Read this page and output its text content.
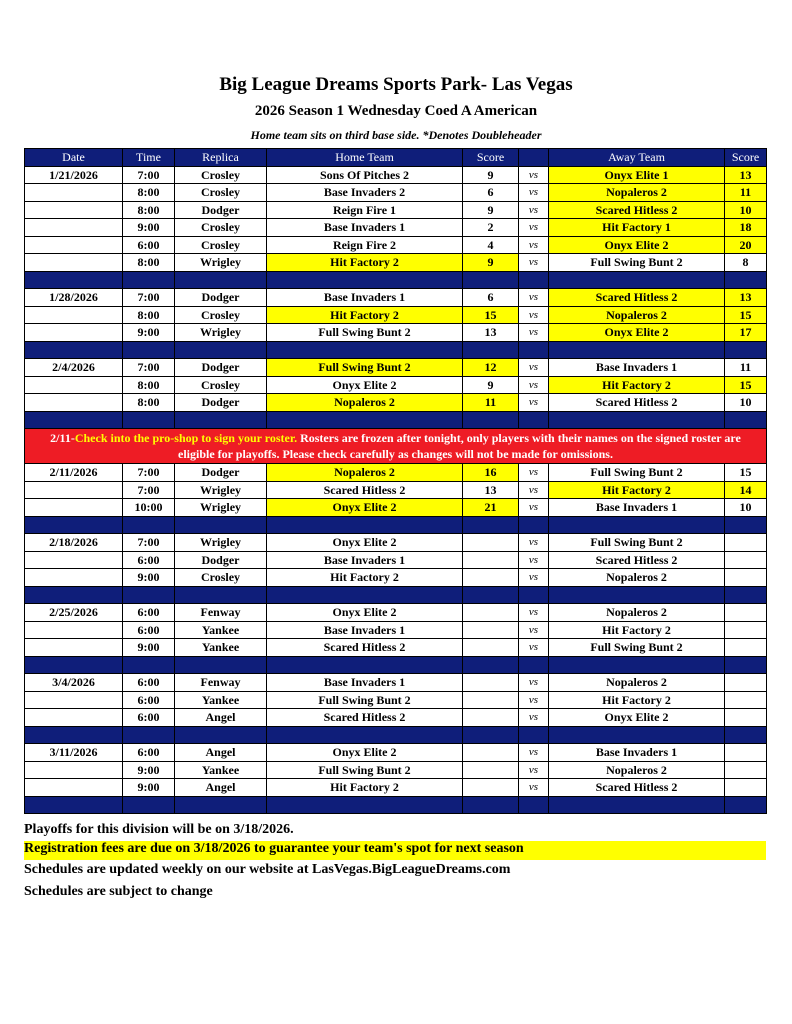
Big League Dreams Sports Park- Las Vegas
2026 Season 1 Wednesday Coed A American
Home team sits on third base side. *Denotes Doubleheader
Date	Time	Replica	Home Team	Score		Away Team	Score
1/21/2026	7:00	Crosley	Sons Of Pitches 2	9	vs	Onyx Elite 1	13
	8:00	Crosley	Base Invaders 2	6	vs	Nopaleros 2	11
	8:00	Dodger	Reign Fire 1	9	vs	Scared Hitless 2	10
	9:00	Crosley	Base Invaders 1	2	vs	Hit Factory 1	18
	6:00	Crosley	Reign Fire 2	4	vs	Onyx Elite 2	20
	8:00	Wrigley	Hit Factory 2	9	vs	Full Swing Bunt 2	8

1/28/2026	7:00	Dodger	Base Invaders 1	6	vs	Scared Hitless 2	13
	8:00	Crosley	Hit Factory 2	15	vs	Nopaleros 2	15
	9:00	Wrigley	Full Swing Bunt 2	13	vs	Onyx Elite 2	17

2/4/2026	7:00	Dodger	Full Swing Bunt 2	12	vs	Base Invaders 1	11
	8:00	Crosley	Onyx Elite 2	9	vs	Hit Factory 2	15
	8:00	Dodger	Nopaleros 2	11	vs	Scared Hitless 2	10

2/11-Check into the pro-shop to sign your roster. Rosters are frozen after tonight, only players with their names on the signed roster are eligible for playoffs. Please check carefully as changes will not be made for omissions.							
2/11/2026	7:00	Dodger	Nopaleros 2	16	vs	Full Swing Bunt 2	15
	7:00	Wrigley	Scared Hitless 2	13	vs	Hit Factory 2	14
	10:00	Wrigley	Onyx Elite 2	21	vs	Base Invaders 1	10

2/18/2026	7:00	Wrigley	Onyx Elite 2		vs	Full Swing Bunt 2	
	6:00	Dodger	Base Invaders 1		vs	Scared Hitless 2	
	9:00	Crosley	Hit Factory 2		vs	Nopaleros 2	

2/25/2026	6:00	Fenway	Onyx Elite 2		vs	Nopaleros 2	
	6:00	Yankee	Base Invaders 1		vs	Hit Factory 2	
	9:00	Yankee	Scared Hitless 2		vs	Full Swing Bunt 2	

3/4/2026	6:00	Fenway	Base Invaders 1		vs	Nopaleros 2	
	6:00	Yankee	Full Swing Bunt 2		vs	Hit Factory 2	
	6:00	Angel	Scared Hitless 2		vs	Onyx Elite 2	

3/11/2026	6:00	Angel	Onyx Elite 2		vs	Base Invaders 1	
	9:00	Yankee	Full Swing Bunt 2		vs	Nopaleros 2	
	9:00	Angel	Hit Factory 2		vs	Scared Hitless 2	

Playoffs for this division will be on 3/18/2026.
Registration fees are due on 3/18/2026 to guarantee your team's spot for next season
Schedules are updated weekly on our website at LasVegas.BigLeagueDreams.com
Schedules are subject to change
